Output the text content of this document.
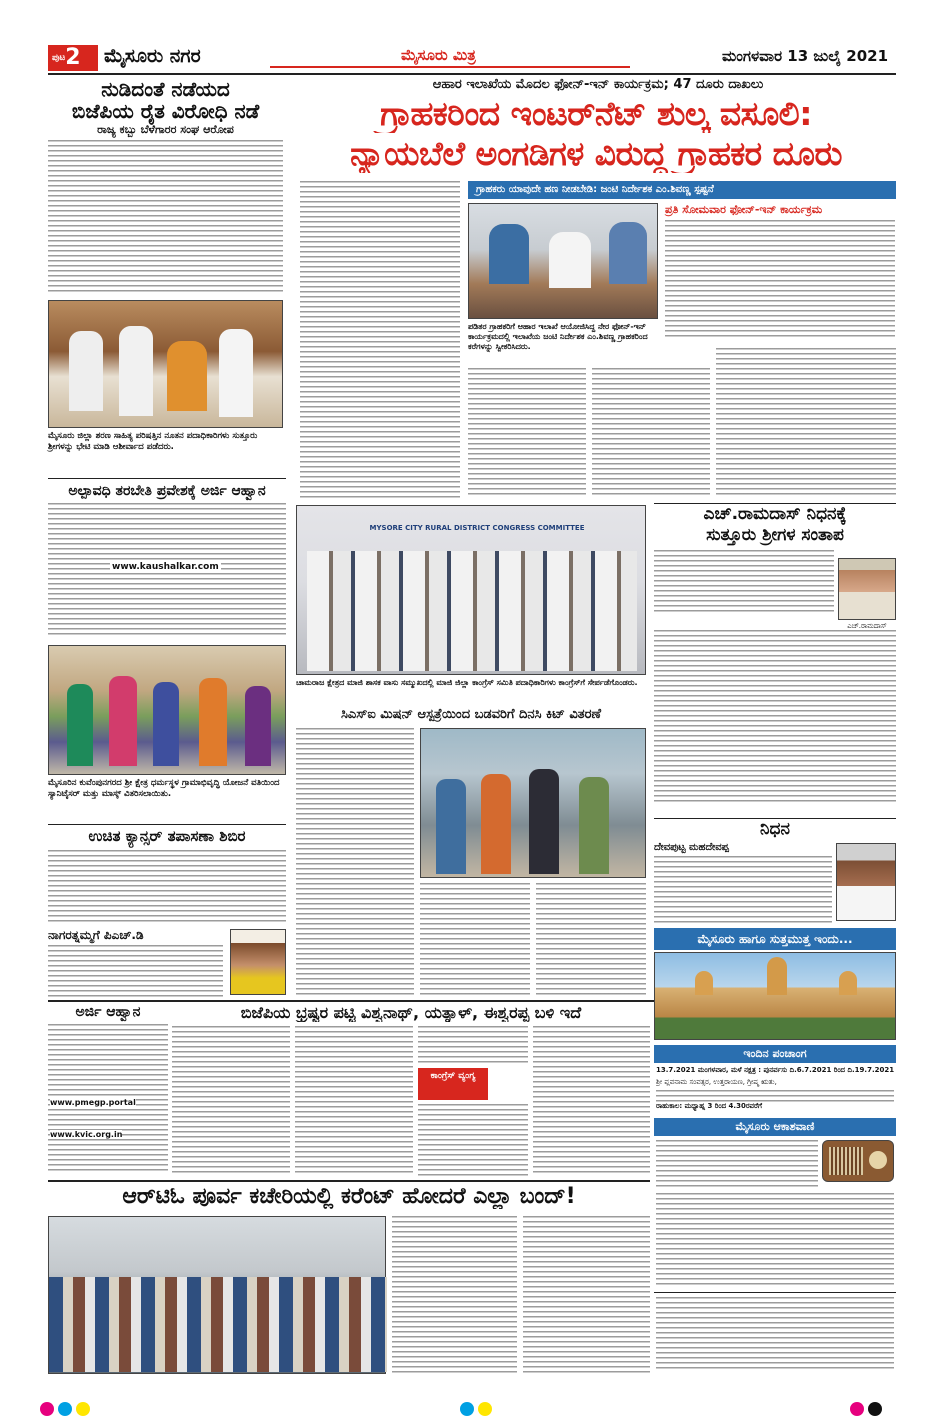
ಪುಟ2	ಮೈಸೂರು ನಗರ	ಮೈಸೂರು ಮಿತ್ರ	ಮಂಗಳವಾರ 13 ಜುಲೈ 2021
ನುಡಿದಂತೆ ನಡೆಯದ
ಬಿಜೆಪಿಯ ರೈತ ವಿರೋಧಿ ನಡೆ
ರಾಜ್ಯ ಕಬ್ಬು ಬೆಳೆಗಾರರ ಸಂಘ ಆರೋಪ
ಮೈಸೂರು ಜಿಲ್ಲಾ ಶರಣ ಸಾಹಿತ್ಯ ಪರಿಷತ್ತಿನ ನೂತನ ಪದಾಧಿಕಾರಿಗಳು ಸುತ್ತೂರು ಶ್ರೀಗಳನ್ನು ಭೇಟಿ ಮಾಡಿ ಆಶೀರ್ವಾದ ಪಡೆದರು.
ಅಲ್ಪಾವಧಿ ತರಬೇತಿ ಪ್ರವೇಶಕ್ಕೆ ಅರ್ಜಿ ಆಹ್ವಾನ
www.kaushalkar.com
ಮೈಸೂರಿನ ಕುವೆಂಪುನಗರದ ಶ್ರೀ ಕ್ಷೇತ್ರ ಧರ್ಮಸ್ಥಳ ಗ್ರಾಮಾಭಿವೃದ್ಧಿ ಯೋಜನೆ ವತಿಯಿಂದ ಸ್ಯಾನಿಟೈಸರ್ ಮತ್ತು ಮಾಸ್ಕ್ ವಿತರಿಸಲಾಯಿತು.
ಉಚಿತ ಕ್ಯಾನ್ಸರ್ ತಪಾಸಣಾ ಶಿಬಿರ
ನಾಗರತ್ನಮ್ಮಗೆ ಪಿಎಚ್.ಡಿ
ಆಹಾರ ಇಲಾಖೆಯ ಮೊದಲ ಫೋನ್-ಇನ್ ಕಾರ್ಯಕ್ರಮ; 47 ದೂರು ದಾಖಲು
ಗ್ರಾಹಕರಿಂದ ಇಂಟರ್‌ನೆಟ್ ಶುಲ್ಕ ವಸೂಲಿ:
ನ್ಯಾಯಬೆಲೆ ಅಂಗಡಿಗಳ ವಿರುದ್ಧ ಗ್ರಾಹಕರ ದೂರು
ಗ್ರಾಹಕರು ಯಾವುದೇ ಹಣ ನೀಡಬೇಡಿ: ಜಂಟಿ ನಿರ್ದೇಶಕ ಎಂ.ಶಿವಣ್ಣ ಸ್ಪಷ್ಟನೆ
ಪಡಿತರ ಗ್ರಾಹಕರಿಗೆ ಆಹಾರ ಇಲಾಖೆ ಆಯೋಜಿಸಿದ್ದ ನೇರ ಫೋನ್-ಇನ್ ಕಾರ್ಯಕ್ರಮದಲ್ಲಿ ಇಲಾಖೆಯ ಜಂಟಿ ನಿರ್ದೇಶಕ ಎಂ.ಶಿವಣ್ಣ ಗ್ರಾಹಕರಿಂದ ಕರೆಗಳನ್ನು ಸ್ವೀಕರಿಸಿದರು.
ಪ್ರತಿ ಸೋಮವಾರ ಫೋನ್-ಇನ್ ಕಾರ್ಯಕ್ರಮ
MYSORE CITY RURAL DISTRICT CONGRESS COMMITTEE
ಚಾಮರಾಜ ಕ್ಷೇತ್ರದ ಮಾಜಿ ಶಾಸಕ ವಾಸು ಸಮ್ಮುಖದಲ್ಲಿ ಮಾಜಿ ಜಿಲ್ಲಾ ಕಾಂಗ್ರೆಸ್ ಸಮಿತಿ ಪದಾಧಿಕಾರಿಗಳು ಕಾಂಗ್ರೆಸ್‌ಗೆ ಸೇರ್ಪಡೆಗೊಂಡರು.
ಸಿಎಸ್‌ಐ ಮಿಷನ್ ಆಸ್ಪತ್ರೆಯಿಂದ ಬಡವರಿಗೆ ದಿನಸಿ ಕಿಟ್ ವಿತರಣೆ
ಎಚ್.ರಾಮದಾಸ್ ನಿಧನಕ್ಕೆ
ಸುತ್ತೂರು ಶ್ರೀಗಳ ಸಂತಾಪ
ಎಚ್.ರಾಮದಾಸ್
ನಿಧನ
ದೇವಪುಟ್ಟ ಮಹದೇವಪ್ಪ
ಮೈಸೂರು ಹಾಗೂ ಸುತ್ತಮುತ್ತ ಇಂದು...
ಇಂದಿನ ಪಂಚಾಂಗ
13.7.2021 ಮಂಗಳವಾರ, ಮಳೆ ನಕ್ಷತ್ರ : ಪುನರ್ವಸು ದಿ.6.7.2021 ರಿಂದ ದಿ.19.7.2021
ಶ್ರೀ ಪ್ಲವನಾಮ ಸಂವತ್ಸರ, ಉತ್ತರಾಯಣ, ಗ್ರೀಷ್ಮ ಋತು,
ರಾಹುಕಾಲ: ಮಧ್ಯಾಹ್ನ 3 ರಿಂದ 4.30ರವರೆಗೆ
ಮೈಸೂರು ಆಕಾಶವಾಣಿ
ಅರ್ಜಿ ಆಹ್ವಾನ
www.pmegp.portal
www.kvic.org.in
ಬಿಜೆಪಿಯ ಭ್ರಷ್ಟರ ಪಟ್ಟಿ ವಿಶ್ವನಾಥ್, ಯತ್ನಾಳ್, ಈಶ್ವರಪ್ಪ ಬಳಿ ಇದೆ
ಕಾಂಗ್ರೆಸ್ ವ್ಯಂಗ್ಯ
ಆರ್‌ಟಿಓ ಪೂರ್ವ ಕಚೇರಿಯಲ್ಲಿ ಕರೆಂಟ್ ಹೋದರೆ ಎಲ್ಲಾ ಬಂದ್!
